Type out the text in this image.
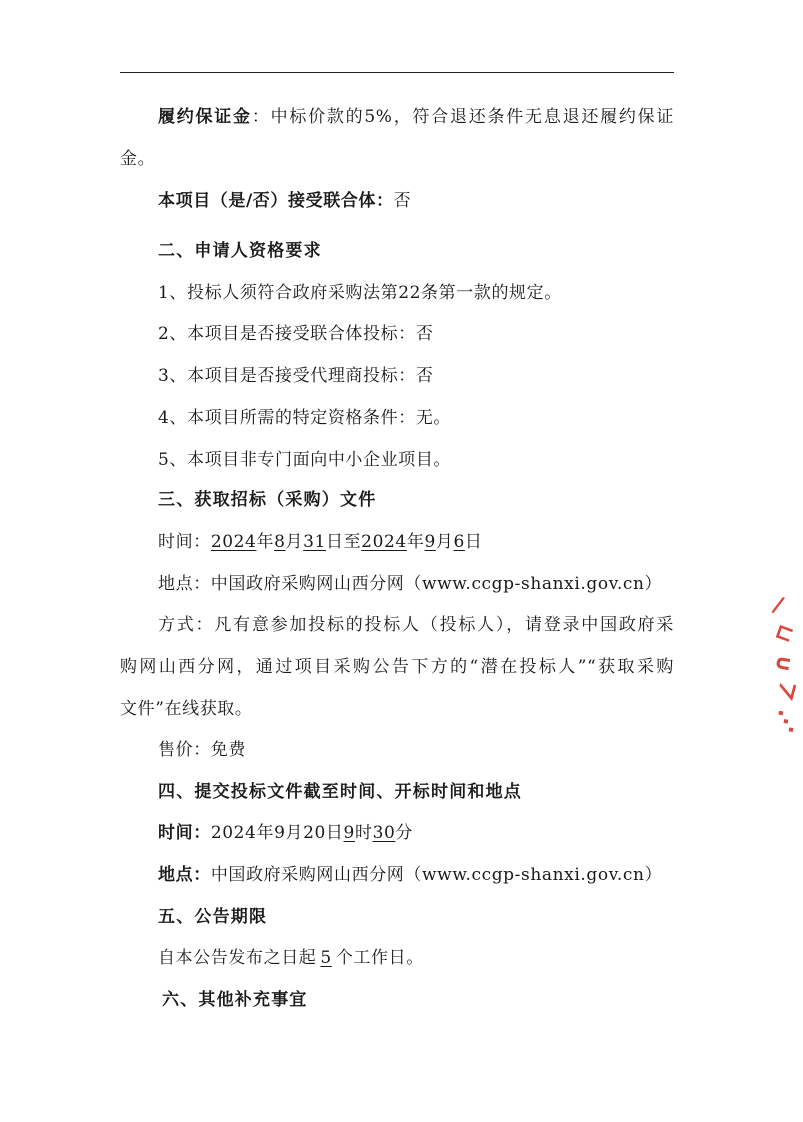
履约保证金：中标价款的5%，符合退还条件无息退还履约保证
金。
本项目（是/否）接受联合体：否
二、申请人资格要求
1、投标人须符合政府采购法第22条第一款的规定。
2、本项目是否接受联合体投标：否
3、本项目是否接受代理商投标：否
4、本项目所需的特定资格条件：无。
5、本项目非专门面向中小企业项目。
三、获取招标（采购）文件
时间：2024年8月31日至2024年9月6日
地点：中国政府采购网山西分网（www.ccgp-shanxi.gov.cn）
方式：凡有意参加投标的投标人（投标人），请登录中国政府采
购网山西分网，通过项目采购公告下方的“潜在投标人”“获取采购
文件”在线获取。
售价：免费
四、提交投标文件截至时间、开标时间和地点
时间：2024年9月20日9时30分
地点：中国政府采购网山西分网（www.ccgp-shanxi.gov.cn）
五、公告期限
自本公告发布之日起 5 个工作日。
六、其他补充事宜
/
⊓
∩
∠
⋰
